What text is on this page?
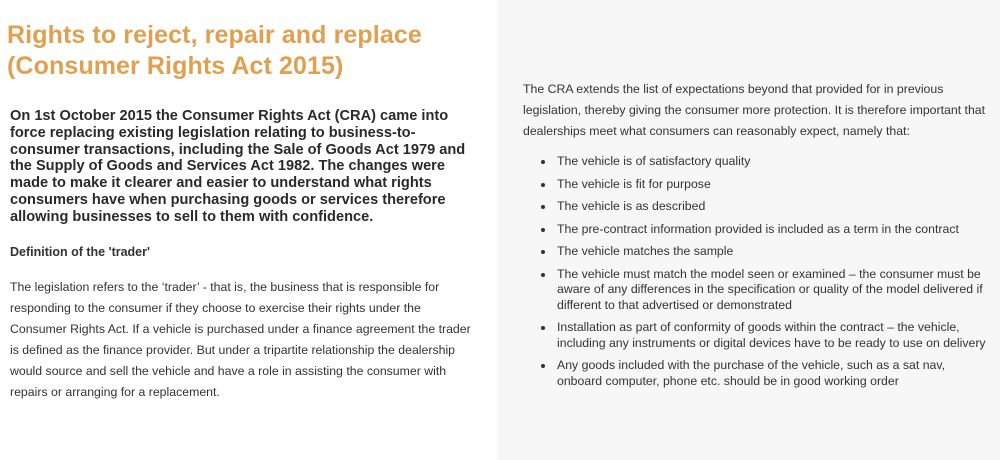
Rights to reject, repair and replace
(Consumer Rights Act 2015)

On 1st October 2015 the Consumer Rights Act (CRA) came into force replacing existing legislation relating to business-to-consumer transactions, including the Sale of Goods Act 1979 and the Supply of Goods and Services Act 1982. The changes were made to make it clearer and easier to understand what rights consumers have when purchasing goods or services therefore allowing businesses to sell to them with confidence.

Definition of the 'trader'

The legislation refers to the ‘trader’ - that is, the business that is responsible for responding to the consumer if they choose to exercise their rights under the Consumer Rights Act. If a vehicle is purchased under a finance agreement the trader is defined as the finance provider. But under a tripartite relationship the dealership would source and sell the vehicle and have a role in assisting the consumer with repairs or arranging for a replacement.

The CRA extends the list of expectations beyond that provided for in previous legislation, thereby giving the consumer more protection. It is therefore important that dealerships meet what consumers can reasonably expect, namely that:

• The vehicle is of satisfactory quality
• The vehicle is fit for purpose
• The vehicle is as described
• The pre-contract information provided is included as a term in the contract
• The vehicle matches the sample
• The vehicle must match the model seen or examined – the consumer must be aware of any differences in the specification or quality of the model delivered if different to that advertised or demonstrated
• Installation as part of conformity of goods within the contract – the vehicle, including any instruments or digital devices have to be ready to use on delivery
• Any goods included with the purchase of the vehicle, such as a sat nav, onboard computer, phone etc. should be in good working order
